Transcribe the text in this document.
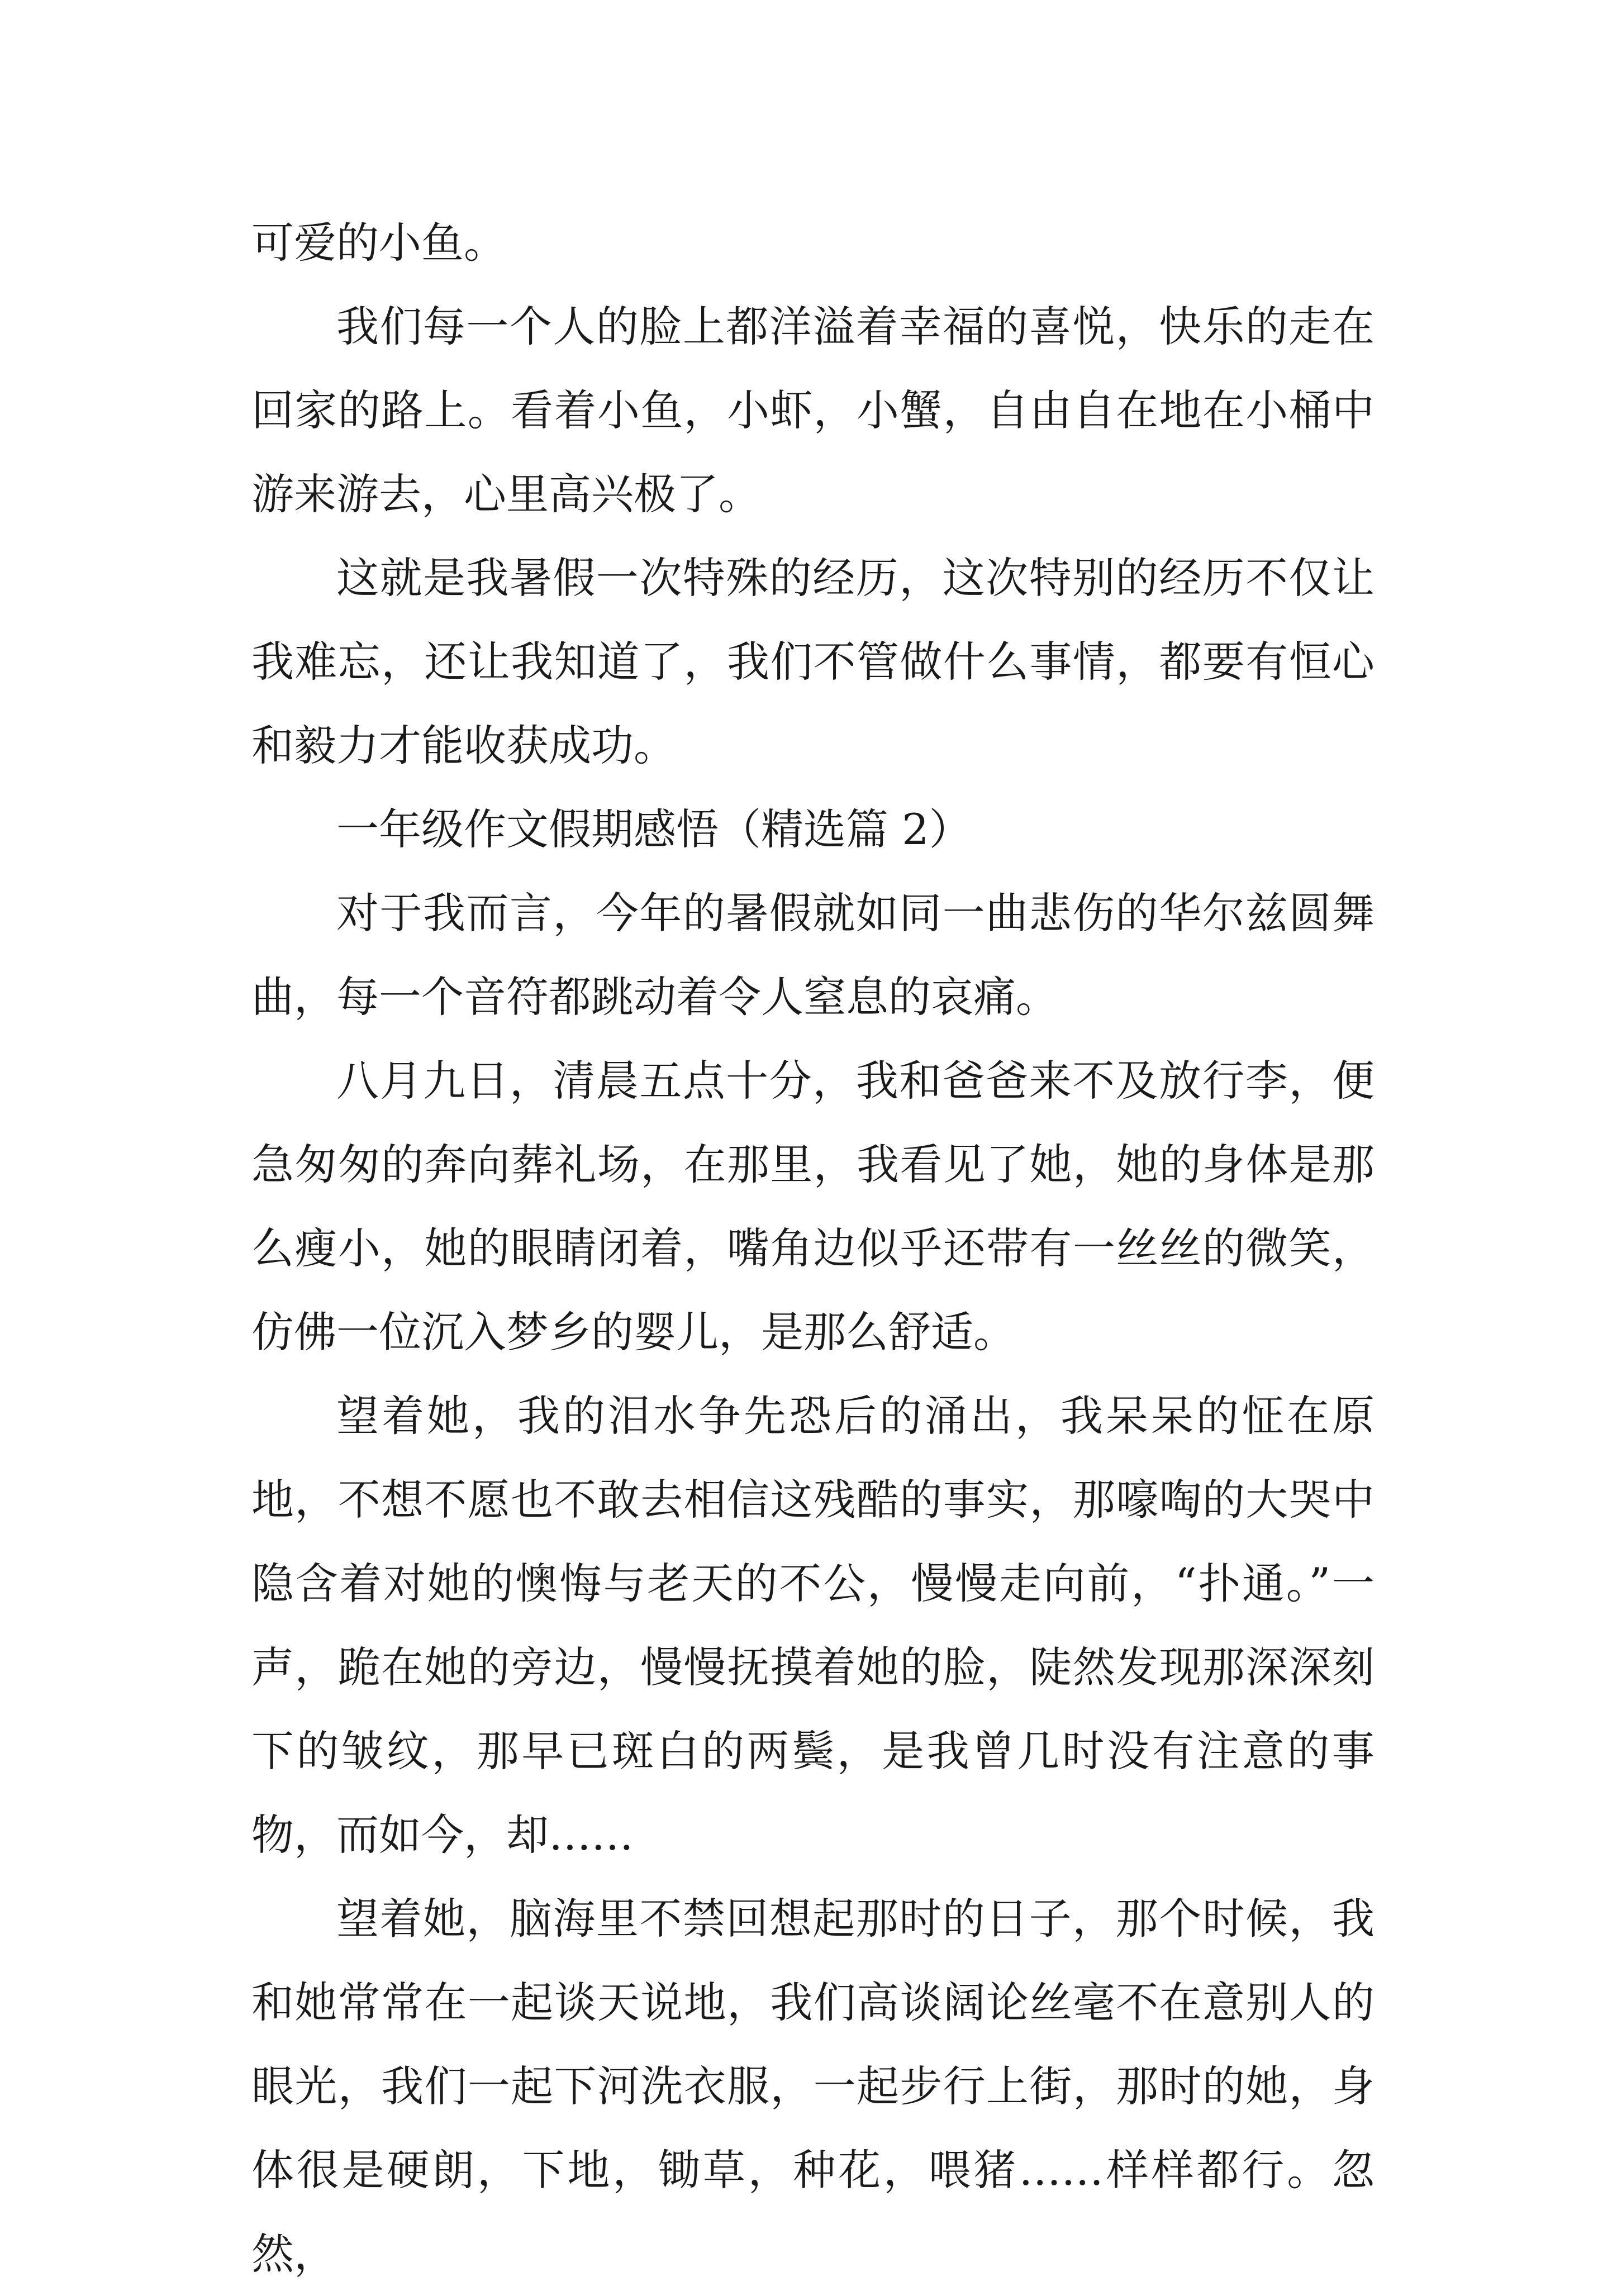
可爱的小鱼。

我们每一个人的脸上都洋溢着幸福的喜悦，快乐的走在回家的路上。看着小鱼，小虾，小蟹，自由自在地在小桶中游来游去，心里高兴极了。

这就是我暑假一次特殊的经历，这次特别的经历不仅让我难忘，还让我知道了，我们不管做什么事情，都要有恒心和毅力才能收获成功。

一年级作文假期感悟（精选篇 2）

对于我而言，今年的暑假就如同一曲悲伤的华尔兹圆舞曲，每一个音符都跳动着令人窒息的哀痛。

八月九日，清晨五点十分，我和爸爸来不及放行李，便急匆匆的奔向葬礼场，在那里，我看见了她，她的身体是那么瘦小，她的眼睛闭着，嘴角边似乎还带有一丝丝的微笑，仿佛一位沉入梦乡的婴儿，是那么舒适。

望着她，我的泪水争先恐后的涌出，我呆呆的怔在原地，不想不愿也不敢去相信这残酷的事实，那嚎啕的大哭中隐含着对她的懊悔与老天的不公，慢慢走向前，“扑通。”一声，跪在她的旁边，慢慢抚摸着她的脸，陡然发现那深深刻下的皱纹，那早已斑白的两鬓，是我曾几时没有注意的事物，而如今，却……

望着她，脑海里不禁回想起那时的日子，那个时候，我和她常常在一起谈天说地，我们高谈阔论丝毫不在意别人的眼光，我们一起下河洗衣服，一起步行上街，那时的她，身体很是硬朗，下地，锄草，种花，喂猪……样样都行。忽然，
